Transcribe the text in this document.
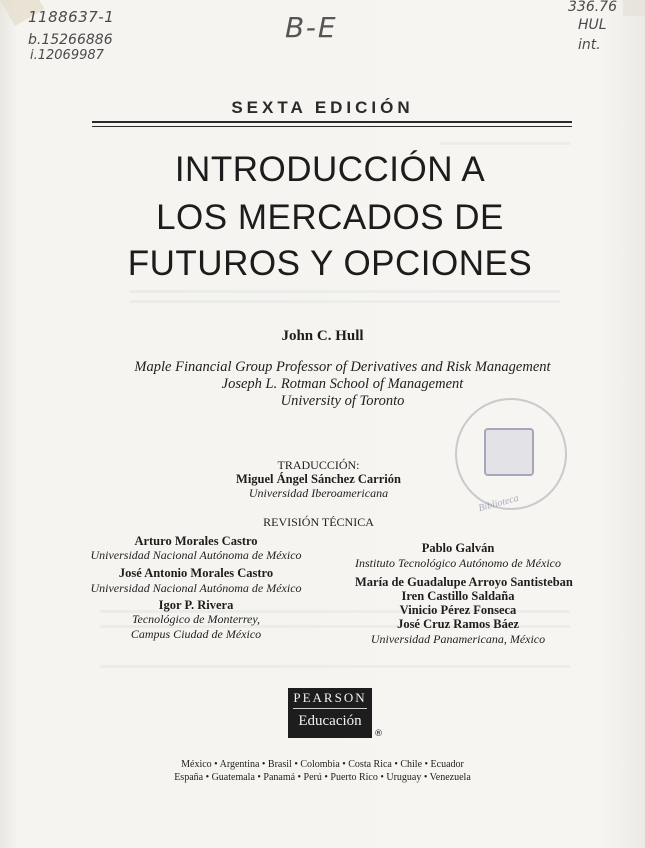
1188637-1
b.15266886
i.12069987
B-E
336.76
HUL
int.
SEXTA EDICIÓN
INTRODUCCIÓN A
LOS MERCADOS DE
FUTUROS Y OPCIONES
John C. Hull
Maple Financial Group Professor of Derivatives and Risk Management
Joseph L. Rotman School of Management
University of Toronto
Biblioteca
TRADUCCIÓN:
Miguel Ángel Sánchez Carrión
Universidad Iberoamericana
REVISIÓN TÉCNICA
Arturo Morales Castro
Universidad Nacional Autónoma de México
José Antonio Morales Castro
Universidad Nacional Autónoma de México
Igor P. Rivera
Tecnológico de Monterrey,
Campus Ciudad de México
Pablo Galván
Instituto Tecnológico Autónomo de México
María de Guadalupe Arroyo Santisteban
Iren Castillo Saldaña
Vinicio Pérez Fonseca
José Cruz Ramos Báez
Universidad Panamericana, México
PEARSON
Educación
®
México • Argentina • Brasil • Colombia • Costa Rica • Chile • Ecuador
España • Guatemala • Panamá • Perú • Puerto Rico • Uruguay • Venezuela
